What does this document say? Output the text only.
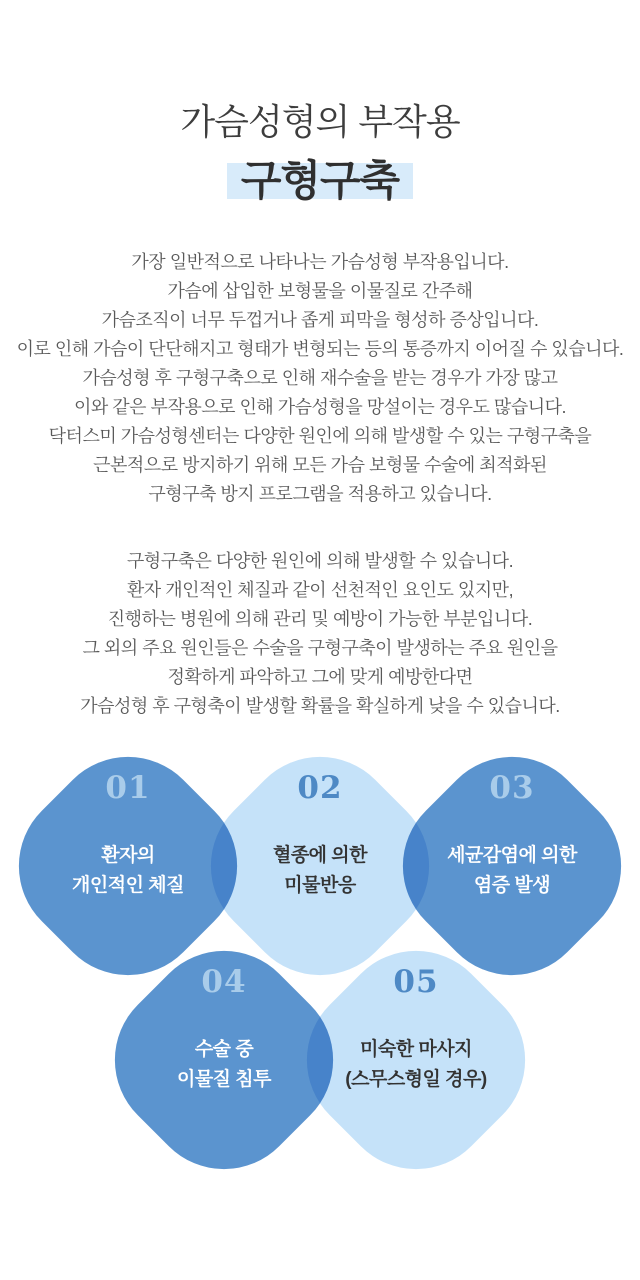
가슴성형의 부작용
구형구축
가장 일반적으로 나타나는 가슴성형 부작용입니다.
가슴에 삽입한 보형물을 이물질로 간주해
가슴조직이 너무 두껍거나 좁게 피막을 형성하 증상입니다.
이로 인해 가슴이 단단해지고 형태가 변형되는 등의 통증까지 이어질 수 있습니다.
가슴성형 후 구형구축으로 인해 재수술을 받는 경우가 가장 많고
이와 같은 부작용으로 인해 가슴성형을 망설이는 경우도 많습니다.
닥터스미 가슴성형센터는 다양한 원인에 의해 발생할 수 있는 구형구축을
근본적으로 방지하기 위해 모든 가슴 보형물 수술에 최적화된
구형구축 방지 프로그램을 적용하고 있습니다.
구형구축은 다양한 원인에 의해 발생할 수 있습니다.
환자 개인적인 체질과 같이 선천적인 요인도 있지만,
진행하는 병원에 의해 관리 및 예방이 가능한 부분입니다.
그 외의 주요 원인들은 수술을 구형구축이 발생하는 주요 원인을
정확하게 파악하고 그에 맞게 예방한다면
가슴성형 후 구형축이 발생할 확률을 확실하게 낮을 수 있습니다.
01
환자의
개인적인 체질
03
세균감염에 의한
염증 발생
02
혈종에 의한
미물반응
04
수술 중
이물질 침투
05
미숙한 마사지
(스무스형일 경우)
